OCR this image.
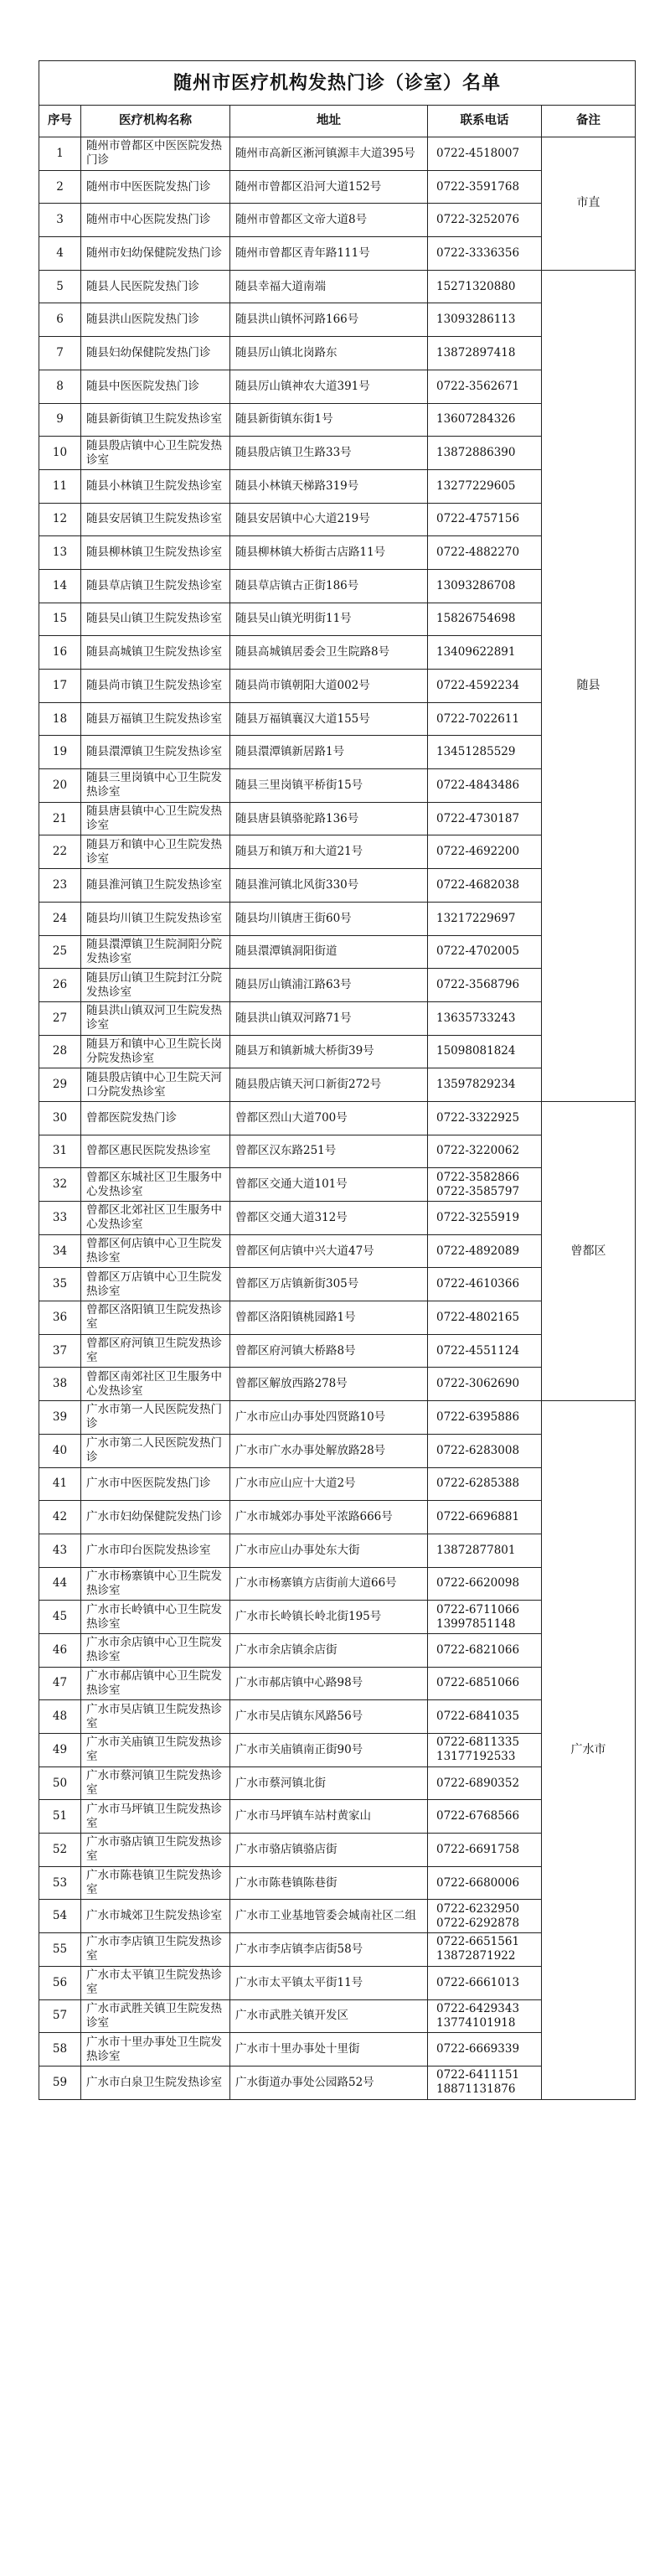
随州市医疗机构发热门诊（诊室）名单				
序号	医疗机构名称	地址	联系电话	备注
1	随州市曾都区中医医院发热门诊	随州市高新区淅河镇源丰大道395号	0722-4518007	市直
2	随州市中医医院发热门诊	随州市曾都区沿河大道152号	0722-3591768	
3	随州市中心医院发热门诊	随州市曾都区文帝大道8号	0722-3252076	
4	随州市妇幼保健院发热门诊	随州市曾都区青年路111号	0722-3336356	
5	随县人民医院发热门诊	随县幸福大道南端	15271320880	随县
6	随县洪山医院发热门诊	随县洪山镇怀河路166号	13093286113	
7	随县妇幼保健院发热门诊	随县厉山镇北岗路东	13872897418	
8	随县中医医院发热门诊	随县厉山镇神农大道391号	0722-3562671	
9	随县新街镇卫生院发热诊室	随县新街镇东街1号	13607284326	
10	随县殷店镇中心卫生院发热诊室	随县殷店镇卫生路33号	13872886390	
11	随县小林镇卫生院发热诊室	随县小林镇天梯路319号	13277229605	
12	随县安居镇卫生院发热诊室	随县安居镇中心大道219号	0722-4757156	
13	随县柳林镇卫生院发热诊室	随县柳林镇大桥街古店路11号	0722-4882270	
14	随县草店镇卫生院发热诊室	随县草店镇古正街186号	13093286708	
15	随县吴山镇卫生院发热诊室	随县吴山镇光明街11号	15826754698	
16	随县高城镇卫生院发热诊室	随县高城镇居委会卫生院路8号	13409622891	
17	随县尚市镇卫生院发热诊室	随县尚市镇朝阳大道002号	0722-4592234	
18	随县万福镇卫生院发热诊室	随县万福镇襄汉大道155号	0722-7022611	
19	随县澴潭镇卫生院发热诊室	随县澴潭镇新居路1号	13451285529	
20	随县三里岗镇中心卫生院发热诊室	随县三里岗镇平桥街15号	0722-4843486	
21	随县唐县镇中心卫生院发热诊室	随县唐县镇骆驼路136号	0722-4730187	
22	随县万和镇中心卫生院发热诊室	随县万和镇万和大道21号	0722-4692200	
23	随县淮河镇卫生院发热诊室	随县淮河镇北风街330号	0722-4682038	
24	随县均川镇卫生院发热诊室	随县均川镇唐王街60号	13217229697	
25	随县澴潭镇卫生院洞阳分院发热诊室	随县澴潭镇洞阳街道	0722-4702005	
26	随县厉山镇卫生院封江分院发热诊室	随县厉山镇浦江路63号	0722-3568796	
27	随县洪山镇双河卫生院发热诊室	随县洪山镇双河路71号	13635733243	
28	随县万和镇中心卫生院长岗分院发热诊室	随县万和镇新城大桥街39号	15098081824	
29	随县殷店镇中心卫生院天河口分院发热诊室	随县殷店镇天河口新街272号	13597829234	
30	曾都医院发热门诊	曾都区烈山大道700号	0722-3322925	曾都区
31	曾都区惠民医院发热诊室	曾都区汉东路251号	0722-3220062	
32	曾都区东城社区卫生服务中心发热诊室	曾都区交通大道101号	0722-3582866
0722-3585797	
33	曾都区北郊社区卫生服务中心发热诊室	曾都区交通大道312号	0722-3255919	
34	曾都区何店镇中心卫生院发热诊室	曾都区何店镇中兴大道47号	0722-4892089	
35	曾都区万店镇中心卫生院发热诊室	曾都区万店镇新街305号	0722-4610366	
36	曾都区洛阳镇卫生院发热诊室	曾都区洛阳镇桃园路1号	0722-4802165	
37	曾都区府河镇卫生院发热诊室	曾都区府河镇大桥路8号	0722-4551124	
38	曾都区南郊社区卫生服务中心发热诊室	曾都区解放西路278号	0722-3062690	
39	广水市第一人民医院发热门诊	广水市应山办事处四贤路10号	0722-6395886	广水市
40	广水市第二人民医院发热门诊	广水市广水办事处解放路28号	0722-6283008	
41	广水市中医医院发热门诊	广水市应山应十大道2号	0722-6285388	
42	广水市妇幼保健院发热门诊	广水市城郊办事处平浓路666号	0722-6696881	
43	广水市印台医院发热诊室	广水市应山办事处东大街	13872877801	
44	广水市杨寨镇中心卫生院发热诊室	广水市杨寨镇方店街前大道66号	0722-6620098	
45	广水市长岭镇中心卫生院发热诊室	广水市长岭镇长岭北街195号	0722-6711066
13997851148	
46	广水市余店镇中心卫生院发热诊室	广水市余店镇余店街	0722-6821066	
47	广水市郝店镇中心卫生院发热诊室	广水市郝店镇中心路98号	0722-6851066	
48	广水市吴店镇卫生院发热诊室	广水市吴店镇东风路56号	0722-6841035	
49	广水市关庙镇卫生院发热诊室	广水市关庙镇南正街90号	0722-6811335
13177192533	
50	广水市蔡河镇卫生院发热诊室	广水市蔡河镇北街	0722-6890352	
51	广水市马坪镇卫生院发热诊室	广水市马坪镇车站村黄家山	0722-6768566	
52	广水市骆店镇卫生院发热诊室	广水市骆店镇骆店街	0722-6691758	
53	广水市陈巷镇卫生院发热诊室	广水市陈巷镇陈巷街	0722-6680006	
54	广水市城郊卫生院发热诊室	广水市工业基地管委会城南社区二组	0722-6232950
0722-6292878	
55	广水市李店镇卫生院发热诊室	广水市李店镇李店街58号	0722-6651561
13872871922	
56	广水市太平镇卫生院发热诊室	广水市太平镇太平街11号	0722-6661013	
57	广水市武胜关镇卫生院发热诊室	广水市武胜关镇开发区	0722-6429343
13774101918	
58	广水市十里办事处卫生院发热诊室	广水市十里办事处十里街	0722-6669339	
59	广水市白泉卫生院发热诊室	广水街道办事处公园路52号	0722-6411151
18871131876	
